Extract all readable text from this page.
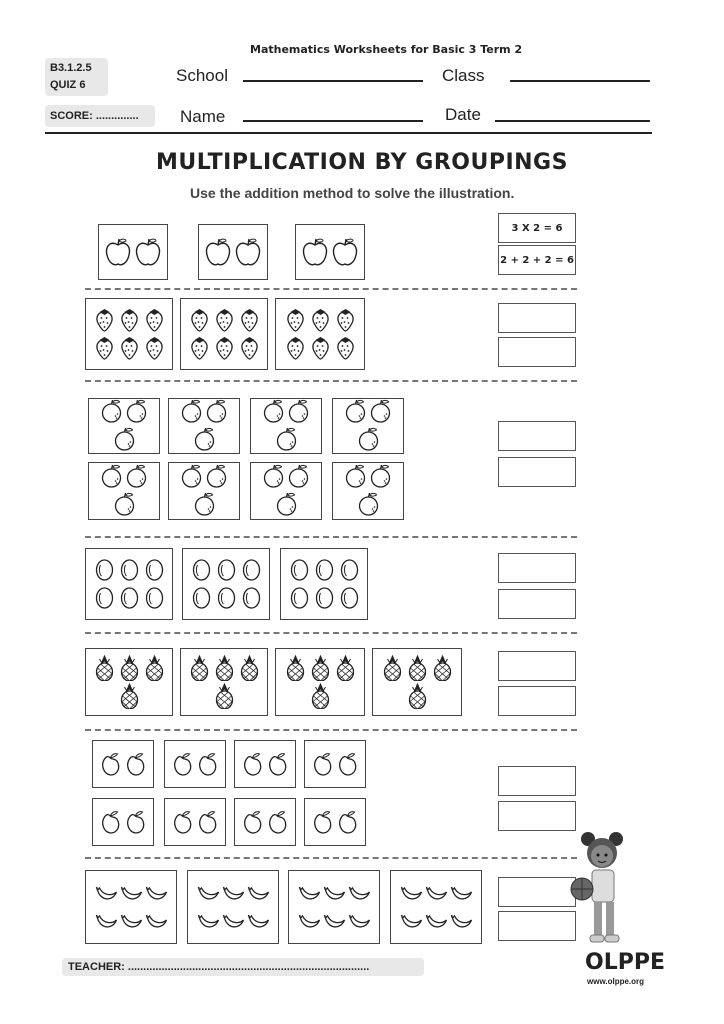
Mathematics Worksheets for Basic 3 Term 2
B3.1.2.5
QUIZ 6
SCORE: ..............
School	Class
Name	Date
MULTIPLICATION BY GROUPINGS
Use the addition method to solve the illustration.
3 X 2 = 6
2 + 2 + 2 = 6
TEACHER: ...............................................................................	OLPPE
www.olppe.org
